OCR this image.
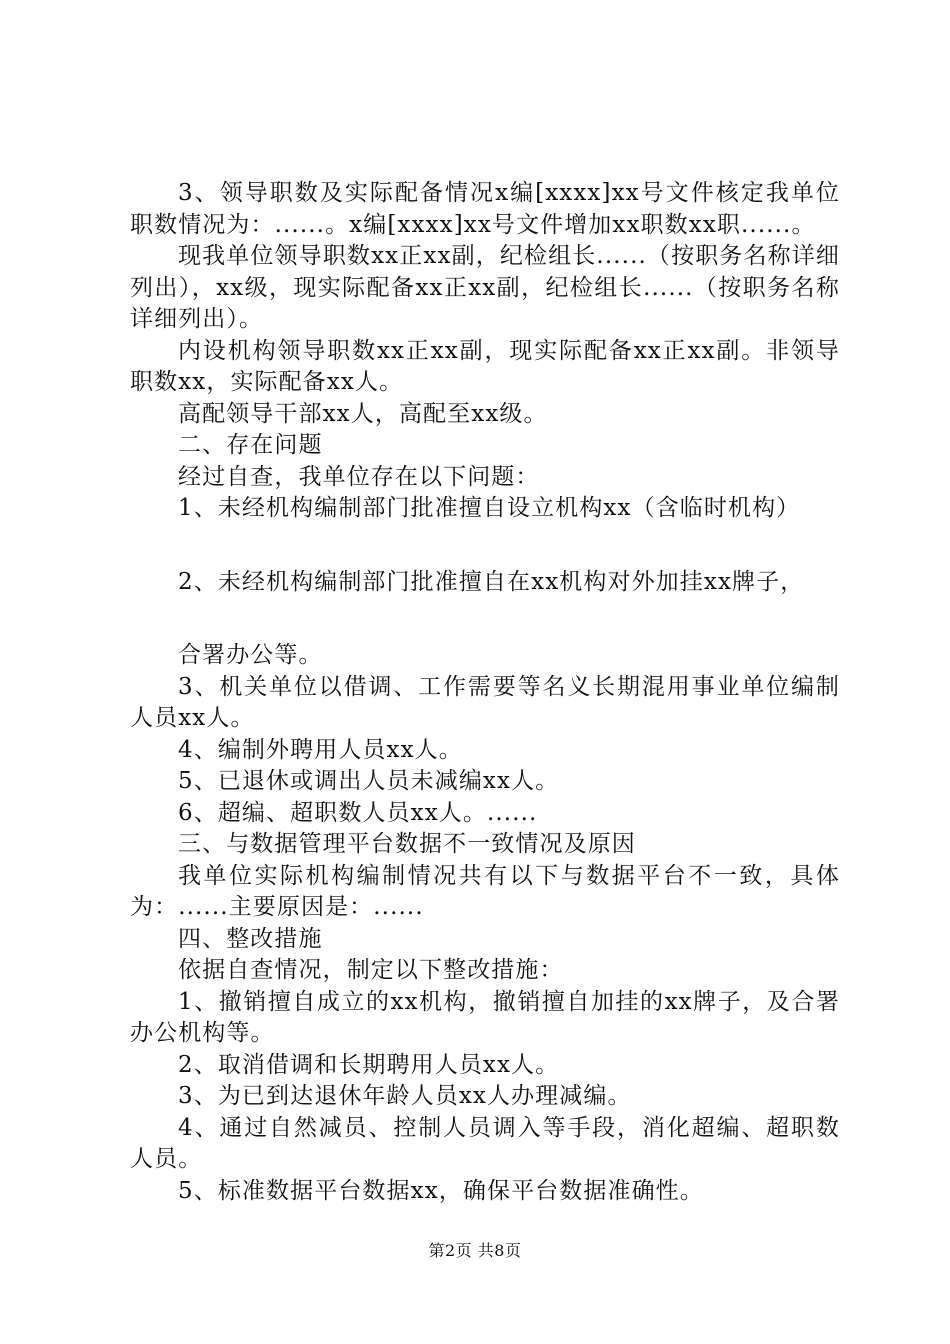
3、领导职数及实际配备情况x编[xxxx]xx号文件核定我单位职数情况为：......。x编[xxxx]xx号文件增加xx职数xx职......。

现我单位领导职数xx正xx副，纪检组长......（按职务名称详细列出），xx级，现实际配备xx正xx副，纪检组长......（按职务名称详细列出）。

内设机构领导职数xx正xx副，现实际配备xx正xx副。非领导职数xx，实际配备xx人。

高配领导干部xx人，高配至xx级。

二、存在问题

经过自查，我单位存在以下问题：

1、未经机构编制部门批准擅自设立机构xx（含临时机构）

2、未经机构编制部门批准擅自在xx机构对外加挂xx牌子，

合署办公等。

3、机关单位以借调、工作需要等名义长期混用事业单位编制人员xx人。

4、编制外聘用人员xx人。

5、已退休或调出人员未减编xx人。

6、超编、超职数人员xx人。......

三、与数据管理平台数据不一致情况及原因

我单位实际机构编制情况共有以下与数据平台不一致，具体为：......主要原因是：......

四、整改措施

依据自查情况，制定以下整改措施：

1、撤销擅自成立的xx机构，撤销擅自加挂的xx牌子，及合署办公机构等。

2、取消借调和长期聘用人员xx人。

3、为已到达退休年龄人员xx人办理减编。

4、通过自然减员、控制人员调入等手段，消化超编、超职数人员。

5、标准数据平台数据xx，确保平台数据准确性。

第2页 共8页
